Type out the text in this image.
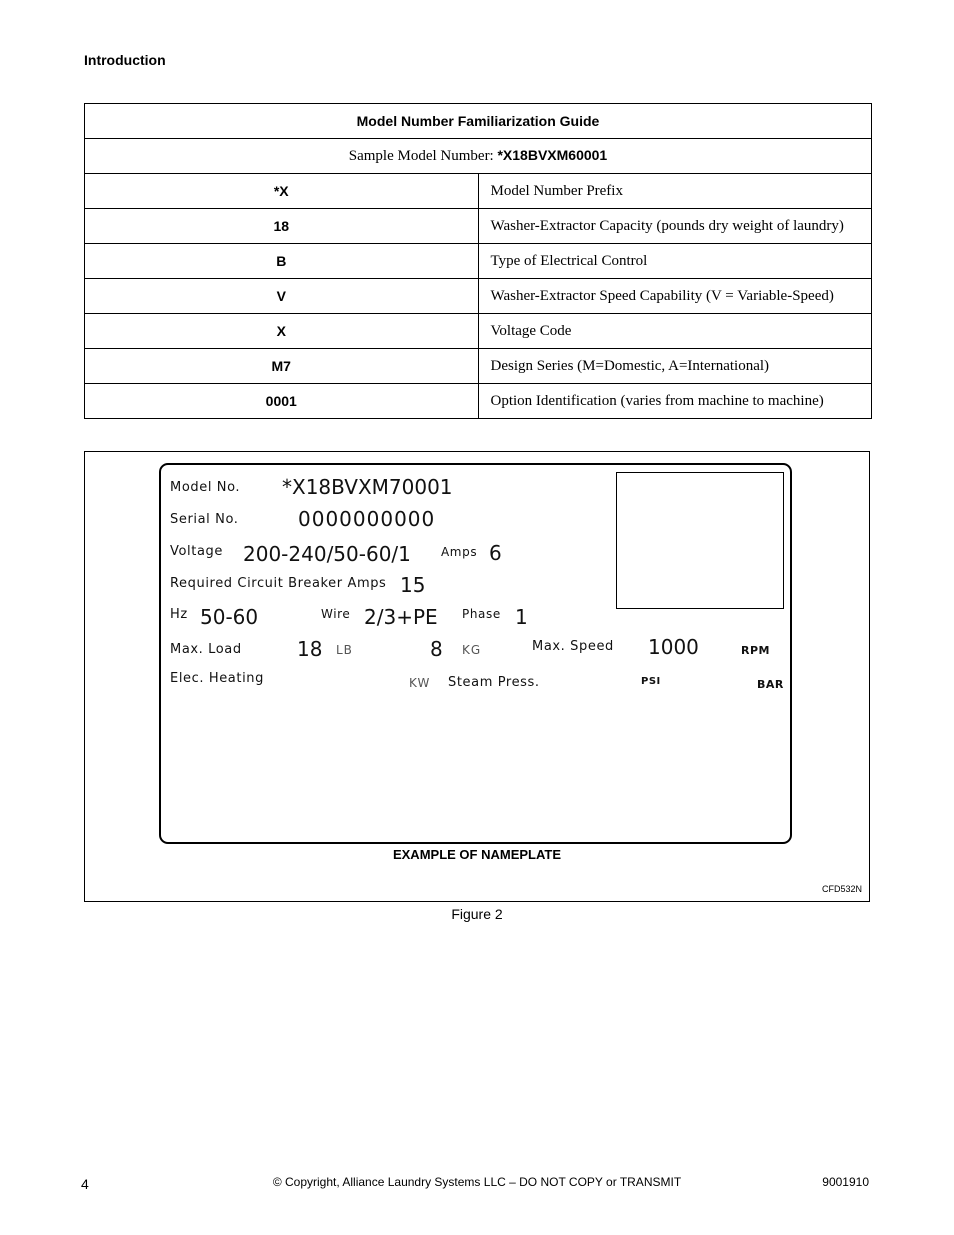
Introduction
Model Number Familiarization Guide	
Sample Model Number: *X18BVXM60001	
*X	Model Number Prefix
18	Washer-Extractor Capacity (pounds dry weight of laundry)
B	Type of Electrical Control
V	Washer-Extractor Speed Capability (V = Variable-Speed)
X	Voltage Code
M7	Design Series (M=Domestic, A=International)
0001	Option Identification (varies from machine to machine)
Model No. *X18BVXM70001
Serial No.	0000000000
Voltage 200-240/50-60/1	Amps 6
Required Circuit Breaker Amps 15
Hz 50-60	Wire 2/3+PE Phase 1
Max. Load	18 LB	8 KG	Max. Speed 1000	RPM
Elec. Heating	KW Steam Press.	PSI	BAR
EXAMPLE OF NAMEPLATE
CFD532N
Figure 2
4	© Copyright, Alliance Laundry Systems LLC – DO NOT COPY or TRANSMIT	9001910
